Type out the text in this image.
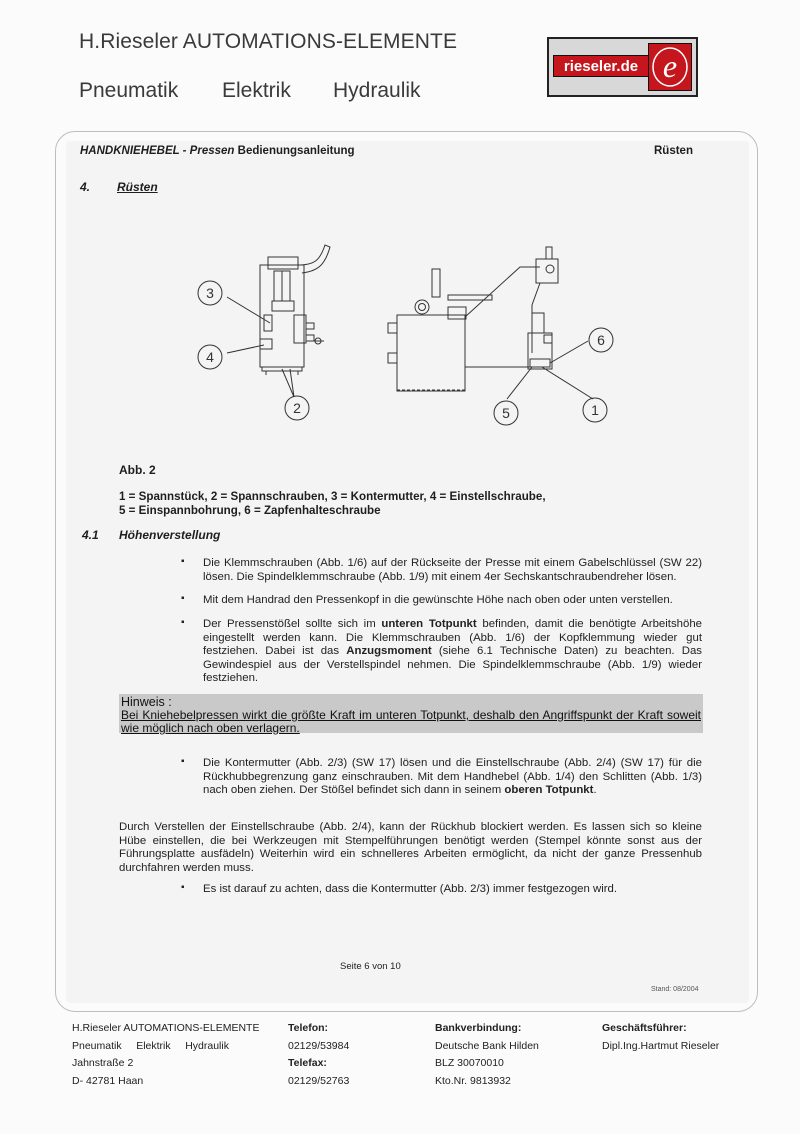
H.Rieseler AUTOMATIONS-ELEMENTE
Pneumatik Elektrik Hydraulik
rieseler.de e
HANDKNIEHEBEL - Pressen Bedienungsanleitung	Rüsten
4. Rüsten
3
4
2	5	1
6
Abb. 2
1 = Spannstück, 2 = Spannschrauben, 3 = Kontermutter, 4 = Einstellschraube,
5 = Einspannbohrung, 6 = Zapfenhalteschraube
4.1 Höhenverstellung
▪ Die Klemmschrauben (Abb. 1/6) auf der Rückseite der Presse mit einem Gabelschlüssel (SW 22) lösen. Die Spindelklemmschraube (Abb. 1/9) mit einem 4er Sechskantschraubendreher lösen.
▪ Mit dem Handrad den Pressenkopf in die gewünschte Höhe nach oben oder unten verstellen.
▪ Der Pressenstößel sollte sich im unteren Totpunkt befinden, damit die benötigte Arbeitshöhe eingestellt werden kann. Die Klemmschrauben (Abb. 1/6) der Kopfklemmung wieder gut festziehen. Dabei ist das Anzugsmoment (siehe 6.1 Technische Daten) zu beachten. Das Gewindespiel aus der Verstellspindel nehmen. Die Spindelklemmschraube (Abb. 1/9) wieder festziehen.
Hinweis :
Bei Kniehebelpressen wirkt die größte Kraft im unteren Totpunkt, deshalb den Angriffspunkt der Kraft soweit wie möglich nach oben verlagern.
▪ Die Kontermutter (Abb. 2/3) (SW 17) lösen und die Einstellschraube (Abb. 2/4) (SW 17) für die Rückhubbegrenzung ganz einschrauben. Mit dem Handhebel (Abb. 1/4) den Schlitten (Abb. 1/3) nach oben ziehen. Der Stößel befindet sich dann in seinem oberen Totpunkt.
Durch Verstellen der Einstellschraube (Abb. 2/4), kann der Rückhub blockiert werden. Es lassen sich so kleine Hübe einstellen, die bei Werkzeugen mit Stempelführungen benötigt werden (Stempel könnte sonst aus der Führungsplatte ausfädeln) Weiterhin wird ein schnelleres Arbeiten ermöglicht, da nicht der ganze Pressenhub durchfahren werden muss.
▪ Es ist darauf zu achten, dass die Kontermutter (Abb. 2/3) immer festgezogen wird.
Seite 6 von 10
Stand: 08/2004
H.Rieseler AUTOMATIONS-ELEMENTE
Pneumatik     Elektrik     Hydraulik
Jahnstraße 2
D- 42781 Haan
Telefon:
02129/53984
Telefax:
02129/52763
Bankverbindung:
Deutsche Bank Hilden
BLZ 30070010
Kto.Nr. 9813932
Geschäftsführer:
Dipl.Ing.Hartmut Rieseler
